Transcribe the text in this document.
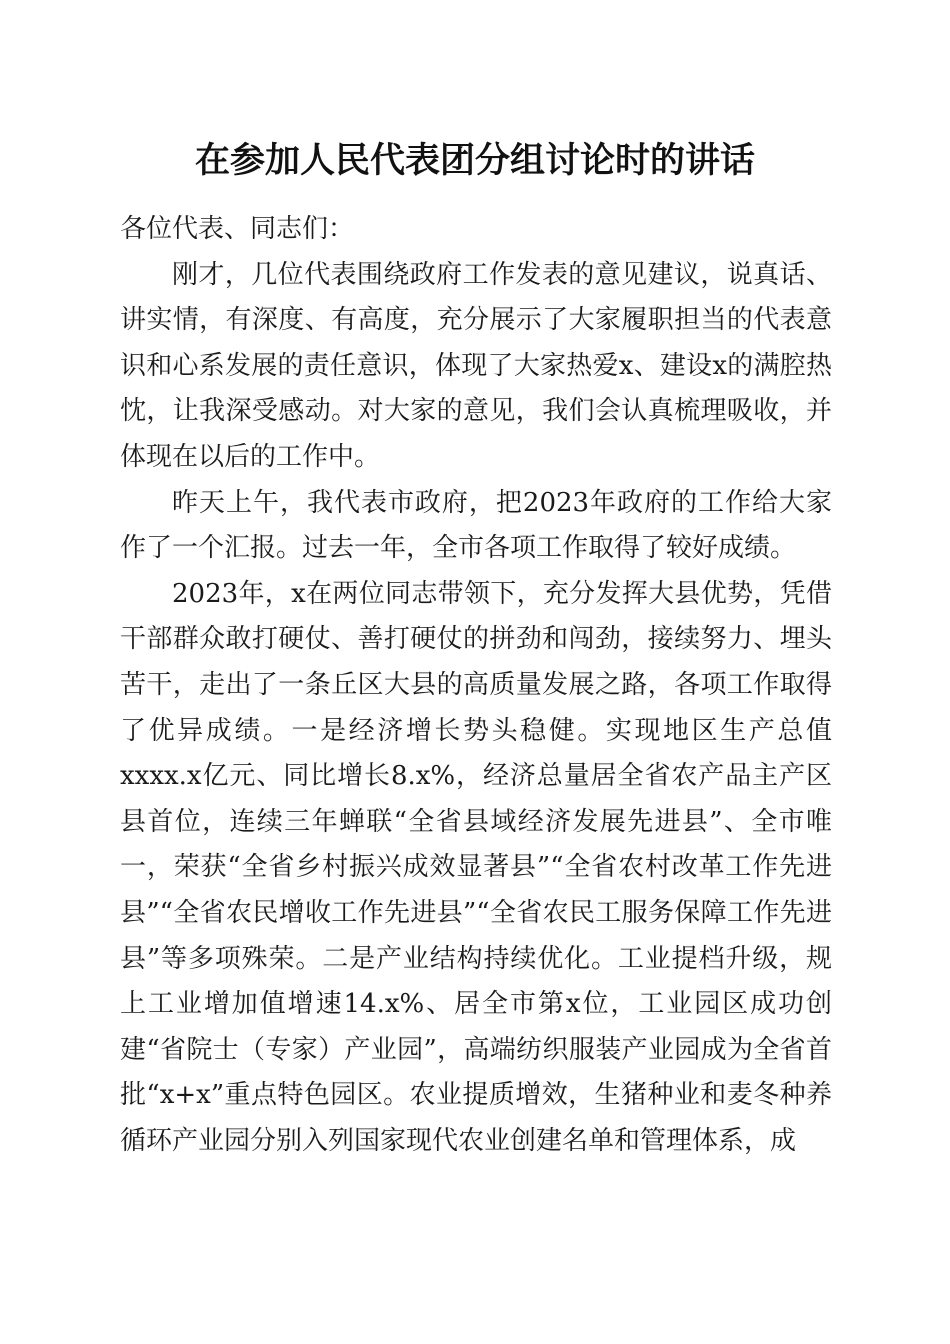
在参加人民代表团分组讨论时的讲话

各位代表、同志们：

刚才，几位代表围绕政府工作发表的意见建议，说真话、讲实情，有深度、有高度，充分展示了大家履职担当的代表意识和心系发展的责任意识，体现了大家热爱x、建设x的满腔热忱，让我深受感动。对大家的意见，我们会认真梳理吸收，并体现在以后的工作中。

昨天上午，我代表市政府，把2023年政府的工作给大家作了一个汇报。过去一年，全市各项工作取得了较好成绩。

2023年，x在两位同志带领下，充分发挥大县优势，凭借干部群众敢打硬仗、善打硬仗的拼劲和闯劲，接续努力、埋头苦干，走出了一条丘区大县的高质量发展之路，各项工作取得了优异成绩。一是经济增长势头稳健。实现地区生产总值xxxx.x亿元、同比增长8.x%，经济总量居全省农产品主产区县首位，连续三年蝉联“全省县域经济发展先进县”、全市唯一，荣获“全省乡村振兴成效显著县”“全省农村改革工作先进县”“全省农民增收工作先进县”“全省农民工服务保障工作先进县”等多项殊荣。二是产业结构持续优化。工业提档升级，规上工业增加值增速14.x%、居全市第x位，工业园区成功创建“省院士（专家）产业园”，高端纺织服装产业园成为全省首批“x+x”重点特色园区。农业提质增效，生猪种业和麦冬种养循环产业园分别入列国家现代农业创建名单和管理体系，成
